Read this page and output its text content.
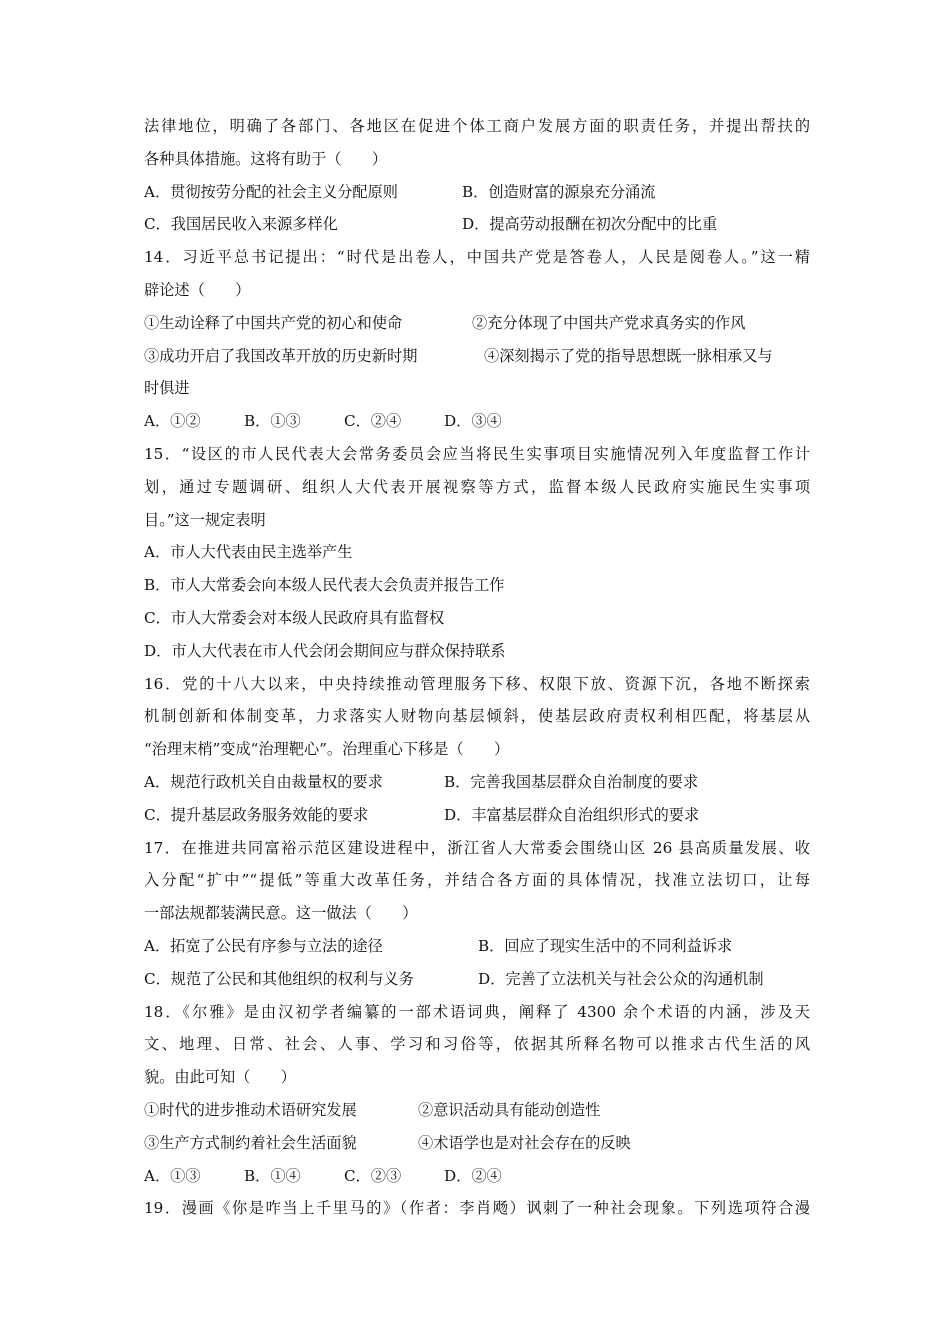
法律地位，明确了各部门、各地区在促进个体工商户发展方面的职责任务，并提出帮扶的
各种具体措施。这将有助于（　　）
A．贯彻按劳分配的社会主义分配原则	B．创造财富的源泉充分涌流
C．我国居民收入来源多样化	D．提高劳动报酬在初次分配中的比重
14．习近平总书记提出：“时代是出卷人，中国共产党是答卷人，人民是阅卷人。”这一精
辟论述（　　）
①生动诠释了中国共产党的初心和使命	②充分体现了中国共产党求真务实的作风
③成功开启了我国改革开放的历史新时期	④深刻揭示了党的指导思想既一脉相承又与
时俱进
A．①②	B．①③	C．②④	D．③④
15．“设区的市人民代表大会常务委员会应当将民生实事项目实施情况列入年度监督工作计
划，通过专题调研、组织人大代表开展视察等方式，监督本级人民政府实施民生实事项
目。”这一规定表明
A．市人大代表由民主选举产生
B．市人大常委会向本级人民代表大会负责并报告工作
C．市人大常委会对本级人民政府具有监督权
D．市人大代表在市人代会闭会期间应与群众保持联系
16．党的十八大以来，中央持续推动管理服务下移、权限下放、资源下沉，各地不断探索
机制创新和体制变革，力求落实人财物向基层倾斜，使基层政府责权利相匹配，将基层从
“治理末梢”变成“治理靶心”。治理重心下移是（　　）
A．规范行政机关自由裁量权的要求	B．完善我国基层群众自治制度的要求
C．提升基层政务服务效能的要求	D．丰富基层群众自治组织形式的要求
17．在推进共同富裕示范区建设进程中，浙江省人大常委会围绕山区 26 县高质量发展、收
入分配“扩中”“提低”等重大改革任务，并结合各方面的具体情况，找准立法切口，让每
一部法规都装满民意。这一做法（　　）
A．拓宽了公民有序参与立法的途径	B．回应了现实生活中的不同利益诉求
C．规范了公民和其他组织的权利与义务	D．完善了立法机关与社会公众的沟通机制
18．《尔雅》是由汉初学者编纂的一部术语词典，阐释了 4300 余个术语的内涵，涉及天
文、地理、日常、社会、人事、学习和习俗等，依据其所释名物可以推求古代生活的风
貌。由此可知（　　）
①时代的进步推动术语研究发展	②意识活动具有能动创造性
③生产方式制约着社会生活面貌	④术语学也是对社会存在的反映
A．①③	B．①④	C．②③	D．②④
19．漫画《你是咋当上千里马的》（作者：李肖飏）讽刺了一种社会现象。下列选项符合漫
